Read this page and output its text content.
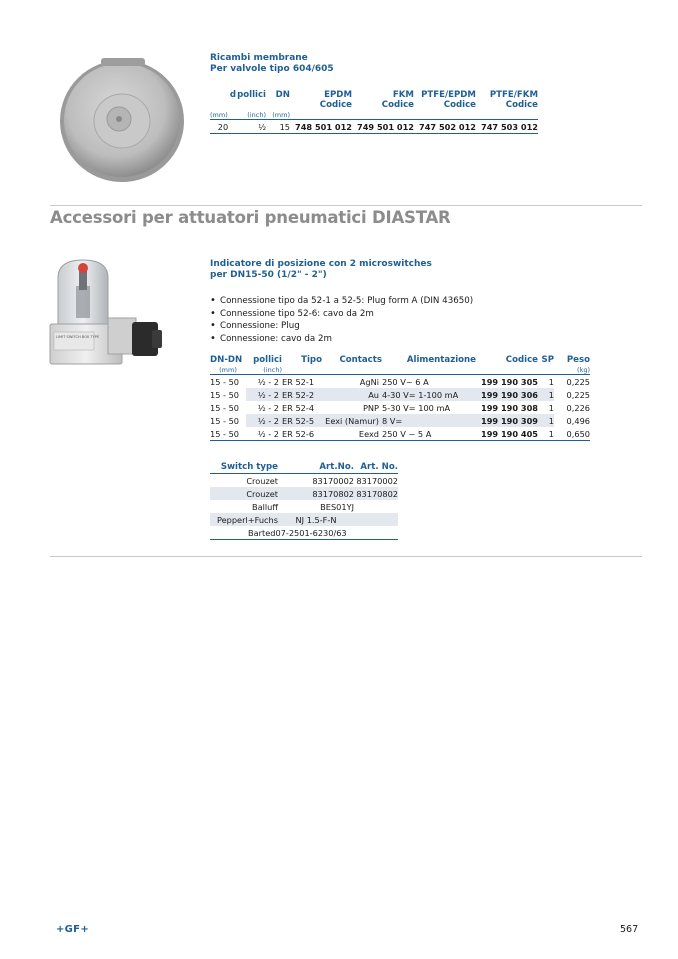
Ricambi membrane
Per valvole tipo 604/605
d	pollici	DN	EPDM	FKM	PTFE/EPDM	PTFE/FKM
			Codice	Codice	Codice	Codice
(mm)	(inch)	(mm)				
20	½	15	748 501 012	749 501 012	747 502 012	747 503 012
Accessori per attuatori pneumatici DIASTAR
LIMIT SWITCH BOX TYPE
Indicatore di posizione con 2 microswitches
per DN15-50 (1/2" - 2")
• Connessione tipo da 52-1 a 52-5: Plug form A (DIN 43650)
• Connessione tipo 52-6: cavo da 2m
• Connessione: Plug
• Connessione: cavo da 2m
DN-DN	pollici	Tipo	Contacts	Alimentazione	Codice	SP	Peso
(mm)	(inch)						(kg)
15 - 50	½ - 2	ER 52-1	AgNi	250 V~ 6 A	199 190 305	1	0,225
15 - 50	½ - 2	ER 52-2	Au	4-30 V= 1-100 mA	199 190 306	1	0,225
15 - 50	½ - 2	ER 52-4	PNP	5-30 V= 100 mA	199 190 308	1	0,226
15 - 50	½ - 2	ER 52-5	Eexi (Namur)	8 V=	199 190 309	1	0,496
15 - 50	½ - 2	ER 52-6	Eexd	250 V ~ 5 A	199 190 405	1	0,650
Switch type	Art.No.	Art. No.
Crouzet	83170002	83170002
Crouzet	83170802	83170802
Balluff	BES01YJ	
Pepperl+Fuchs	NJ 1.5-F-N	
Barted07-2501-6230/63		
+GF+	567
